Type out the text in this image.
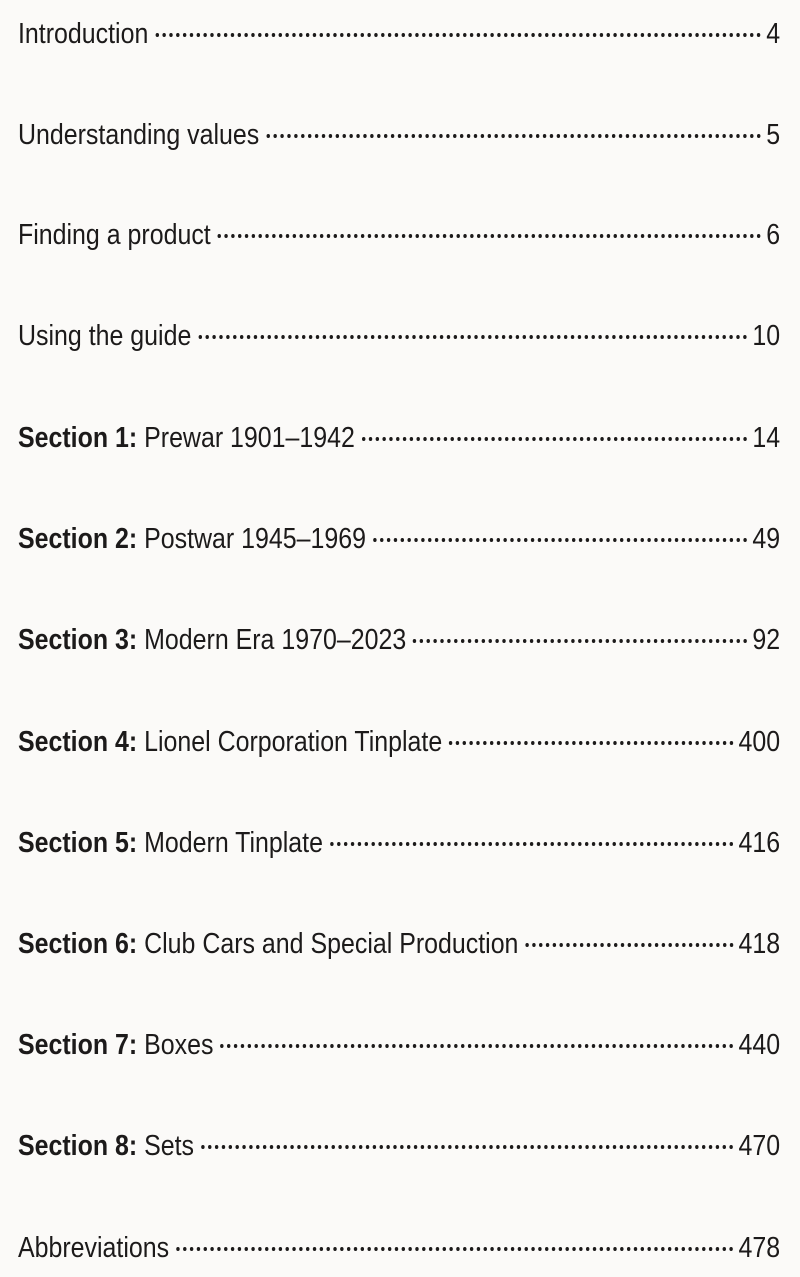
Introduction	4
Understanding values	5
Finding a product	6
Using the guide	10
Section 1: Prewar 1901–1942	14
Section 2: Postwar 1945–1969	49
Section 3: Modern Era 1970–2023	92
Section 4: Lionel Corporation Tinplate	400
Section 5: Modern Tinplate	416
Section 6: Club Cars and Special Production	418
Section 7: Boxes	440
Section 8: Sets	470
Abbreviations	478
